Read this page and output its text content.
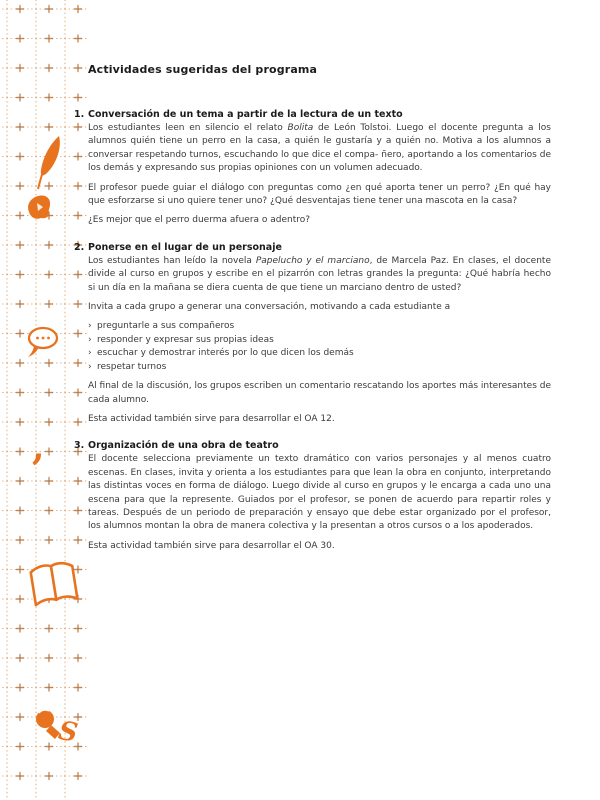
,
S
Actividades sugeridas del programa
1. Conversación de un tema a partir de la lectura de un texto

Los estudiantes leen en silencio el relato Bolita de León Tolstoi. Luego el docente pregunta a los alumnos quién tiene un perro en la casa, a quién le gustaría y a quién no. Motiva a los alumnos a conversar respetando turnos, escuchando lo que dice el compa- ñero, aportando a los comentarios de los demás y expresando sus propias opiniones con un volumen adecuado.

El profesor puede guiar el diálogo con preguntas como ¿en qué aporta tener un perro? ¿En qué hay que esforzarse si uno quiere tener uno? ¿Qué desventajas tiene tener una mascota en la casa?

¿Es mejor que el perro duerma afuera o adentro?

2. Ponerse en el lugar de un personaje

Los estudiantes han leído la novela Papelucho y el marciano, de Marcela Paz. En clases, el docente divide al curso en grupos y escribe en el pizarrón con letras grandes la pregunta: ¿Qué habría hecho si un día en la mañana se diera cuenta de que tiene un marciano dentro de usted?

Invita a cada grupo a generar una conversación, motivando a cada estudiante a

› preguntarle a sus compañeros
› responder y expresar sus propias ideas
› escuchar y demostrar interés por lo que dicen los demás
› respetar turnos

Al final de la discusión, los grupos escriben un comentario rescatando los aportes más interesantes de cada alumno.

Esta actividad también sirve para desarrollar el OA 12.

3. Organización de una obra de teatro

El docente selecciona previamente un texto dramático con varios personajes y al menos cuatro escenas. En clases, invita y orienta a los estudiantes para que lean la obra en conjunto, interpretando las distintas voces en forma de diálogo. Luego divide al curso en grupos y le encarga a cada uno una escena para que la represente. Guiados por el profesor, se ponen de acuerdo para repartir roles y tareas. Después de un periodo de preparación y ensayo que debe estar organizado por el profesor, los alumnos montan la obra de manera colectiva y la presentan a otros cursos o a los apoderados.

Esta actividad también sirve para desarrollar el OA 30.
